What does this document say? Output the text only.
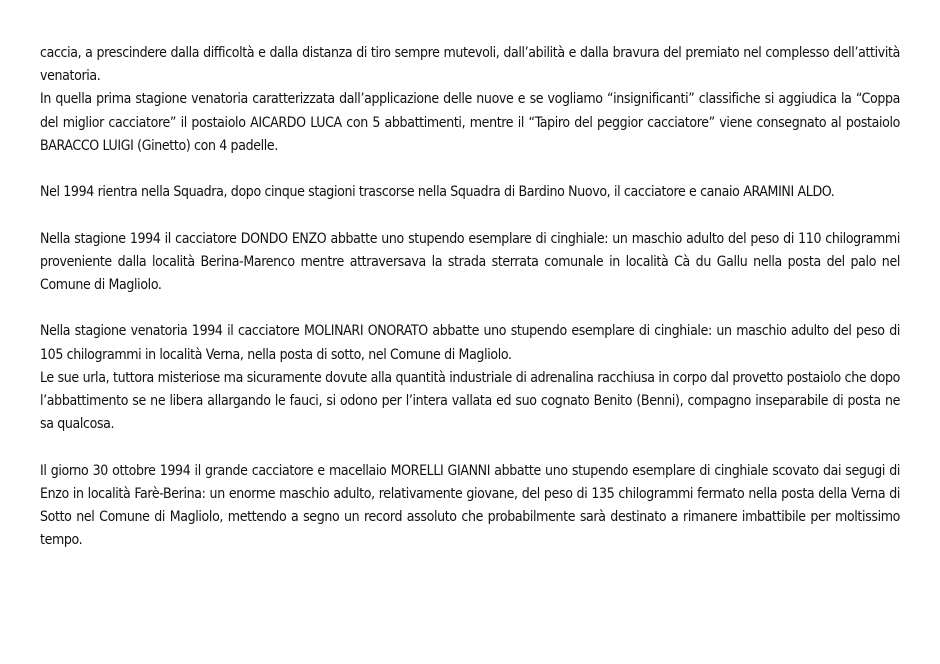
caccia, a prescindere dalla difficoltà e dalla distanza di tiro sempre mutevoli, dall’abilità e dalla bravura del premiato nel complesso dell’attività venatoria.

In quella prima stagione venatoria caratterizzata dall’applicazione delle nuove e se vogliamo “insignificanti” classifiche si aggiudica la “Coppa del miglior cacciatore” il postaiolo AICARDO LUCA con 5 abbattimenti, mentre il “Tapiro del peggior cacciatore” viene consegnato al postaiolo BARACCO LUIGI (Ginetto) con 4 padelle.

Nel 1994 rientra nella Squadra, dopo cinque stagioni trascorse nella Squadra di Bardino Nuovo, il cacciatore e canaio ARAMINI ALDO.

Nella stagione 1994 il cacciatore DONDO ENZO abbatte uno stupendo esemplare di cinghiale: un maschio adulto del peso di 110 chilogrammi proveniente dalla località Berina-Marenco mentre attraversava la strada sterrata comunale in località Cà du Gallu nella posta del palo nel Comune di Magliolo.

Nella stagione venatoria 1994 il cacciatore MOLINARI ONORATO abbatte uno stupendo esemplare di cinghiale: un maschio adulto del peso di 105 chilogrammi in località Verna, nella posta di sotto, nel Comune di Magliolo.

Le sue urla, tuttora misteriose ma sicuramente dovute alla quantità industriale di adrenalina racchiusa in corpo dal provetto postaiolo che dopo l’abbattimento se ne libera allargando le fauci, si odono per l’intera vallata ed suo cognato Benito (Benni), compagno inseparabile di posta ne sa qualcosa.

Il giorno 30 ottobre 1994 il grande cacciatore e macellaio MORELLI GIANNI abbatte uno stupendo esemplare di cinghiale scovato dai segugi di Enzo in località Farè-Berina: un enorme maschio adulto, relativamente giovane, del peso di 135 chilogrammi fermato nella posta della Verna di Sotto nel Comune di Magliolo, mettendo a segno un record assoluto che probabilmente sarà destinato a rimanere imbattibile per moltissimo tempo.
